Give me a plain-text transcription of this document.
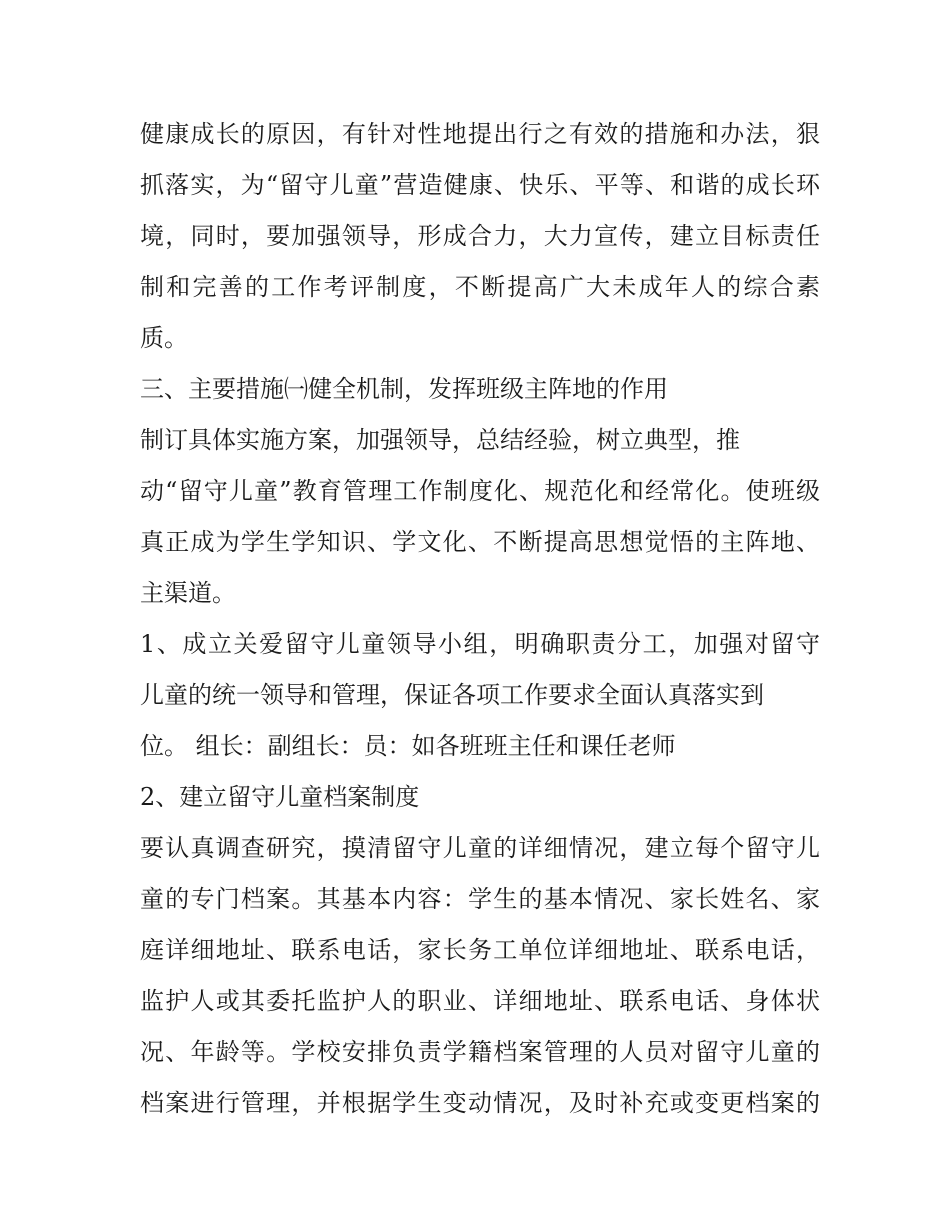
健康成长的原因，有针对性地提出行之有效的措施和办法，狠
抓落实，为“留守儿童”营造健康、快乐、平等、和谐的成长环
境，同时，要加强领导，形成合力，大力宣传，建立目标责任
制和完善的工作考评制度，不断提高广大未成年人的综合素
质。
三、主要措施㈠健全机制，发挥班级主阵地的作用
制订具体实施方案，加强领导，总结经验，树立典型，推
动“留守儿童”教育管理工作制度化、规范化和经常化。使班级
真正成为学生学知识、学文化、不断提高思想觉悟的主阵地、
主渠道。
1、成立关爱留守儿童领导小组，明确职责分工，加强对留守
儿童的统一领导和管理，保证各项工作要求全面认真落实到
位。 组长：副组长：员：如各班班主任和课任老师
2、建立留守儿童档案制度
要认真调查研究，摸清留守儿童的详细情况，建立每个留守儿
童的专门档案。其基本内容：学生的基本情况、家长姓名、家
庭详细地址、联系电话，家长务工单位详细地址、联系电话，
监护人或其委托监护人的职业、详细地址、联系电话、身体状
况、年龄等。学校安排负责学籍档案管理的人员对留守儿童的
档案进行管理，并根据学生变动情况，及时补充或变更档案的
